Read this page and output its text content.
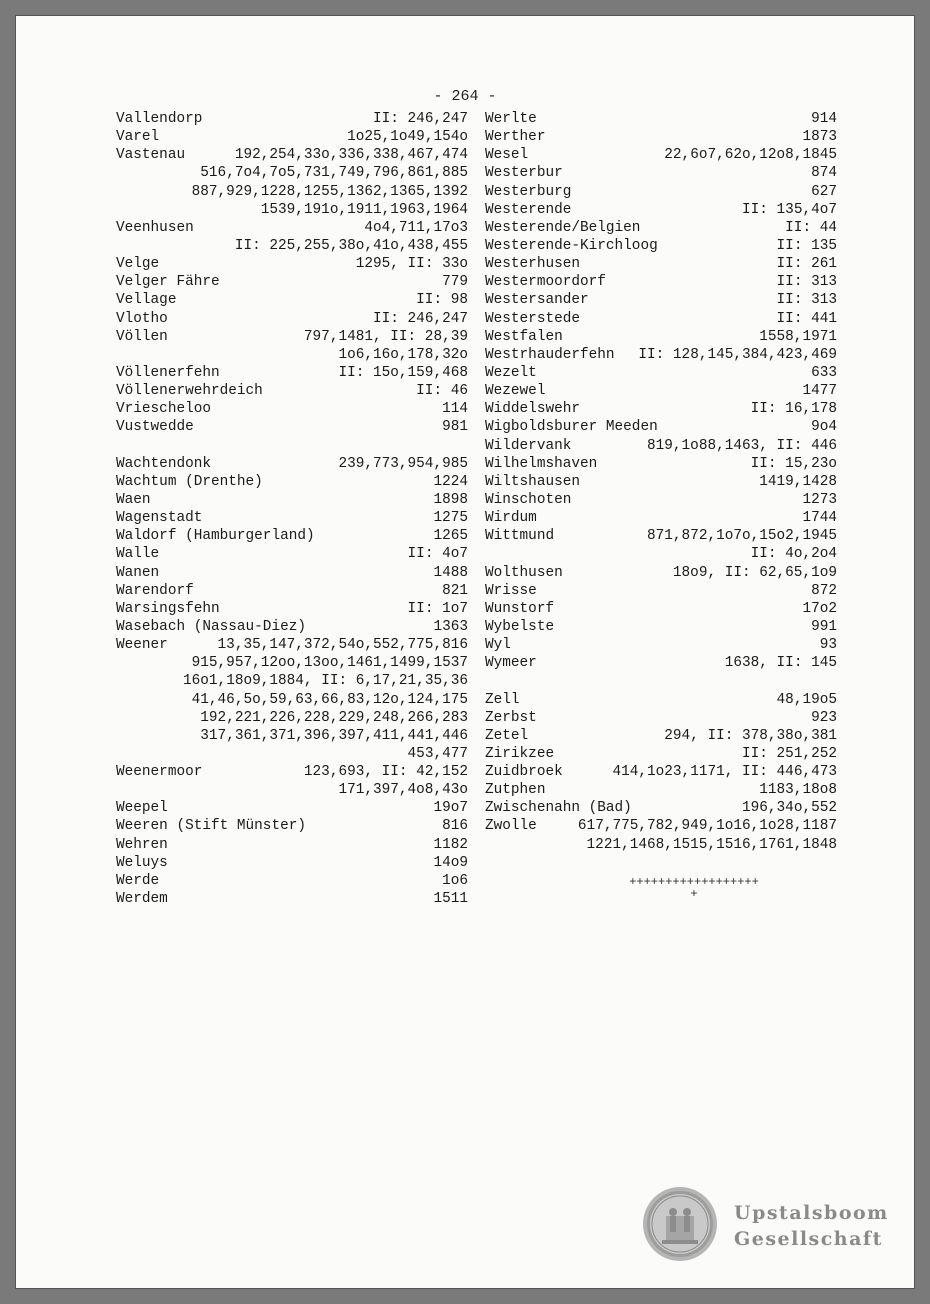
- 264 -
Vallendorp	II: 246,247
Varel	1o25,1o49,154o
Vastenau	192,254,33o,336,338,467,474
516,7o4,7o5,731,749,796,861,885
887,929,1228,1255,1362,1365,1392
1539,191o,1911,1963,1964
Veenhusen	4o4,711,17o3
II: 225,255,38o,41o,438,455
Velge	1295, II: 33o
Velger Fähre	779
Vellage	II: 98
Vlotho	II: 246,247
Völlen	797,1481, II: 28,39
1o6,16o,178,32o
Völlenerfehn	II: 15o,159,468
Völlenerwehrdeich	II: 46
Vriescheloo	114
Vustwedde	981
Wachtendonk	239,773,954,985
Wachtum (Drenthe)	1224
Waen	1898
Wagenstadt	1275
Waldorf (Hamburgerland)	1265
Walle	II: 4o7
Wanen	1488
Warendorf	821
Warsingsfehn	II: 1o7
Wasebach (Nassau-Diez)	1363
Weener	13,35,147,372,54o,552,775,816
915,957,12oo,13oo,1461,1499,1537
16o1,18o9,1884, II: 6,17,21,35,36
41,46,5o,59,63,66,83,12o,124,175
192,221,226,228,229,248,266,283
317,361,371,396,397,411,441,446
453,477
Weenermoor	123,693, II: 42,152
171,397,4o8,43o
Weepel	19o7
Weeren (Stift Münster)	816
Wehren	1182
Weluys	14o9
Werde	1o6
Werdem	1511
Werlte	914
Werther	1873
Wesel	22,6o7,62o,12o8,1845
Westerbur	874
Westerburg	627
Westerende	II: 135,4o7
Westerende/Belgien	II: 44
Westerende-Kirchloog	II: 135
Westerhusen	II: 261
Westermoordorf	II: 313
Westersander	II: 313
Westerstede	II: 441
Westfalen	1558,1971
Westrhauderfehn II: 128,145,384,423,469
Wezelt	633
Wezewel	1477
Widdelswehr	II: 16,178
Wigboldsburer Meeden	9o4
Wildervank	819,1o88,1463, II: 446
Wilhelmshaven	II: 15,23o
Wiltshausen	1419,1428
Winschoten	1273
Wirdum	1744
Wittmund	871,872,1o7o,15o2,1945
II: 4o,2o4
Wolthusen	18o9, II: 62,65,1o9
Wrisse	872
Wunstorf	17o2
Wybelste	991
Wyl	93
Wymeer	1638, II: 145
Zell	48,19o5
Zerbst	923
Zetel	294, II: 378,38o,381
Zirikzee	II: 251,252
Zuidbroek	414,1o23,1171, II: 446,473
Zutphen	1183,18o8
Zwischenahn (Bad)	196,34o,552
Zwolle	617,775,782,949,1o16,1o28,1187
1221,1468,1515,1516,1761,1848
++++++++++++++++++
+
Upstalsboom
Gesellschaft
